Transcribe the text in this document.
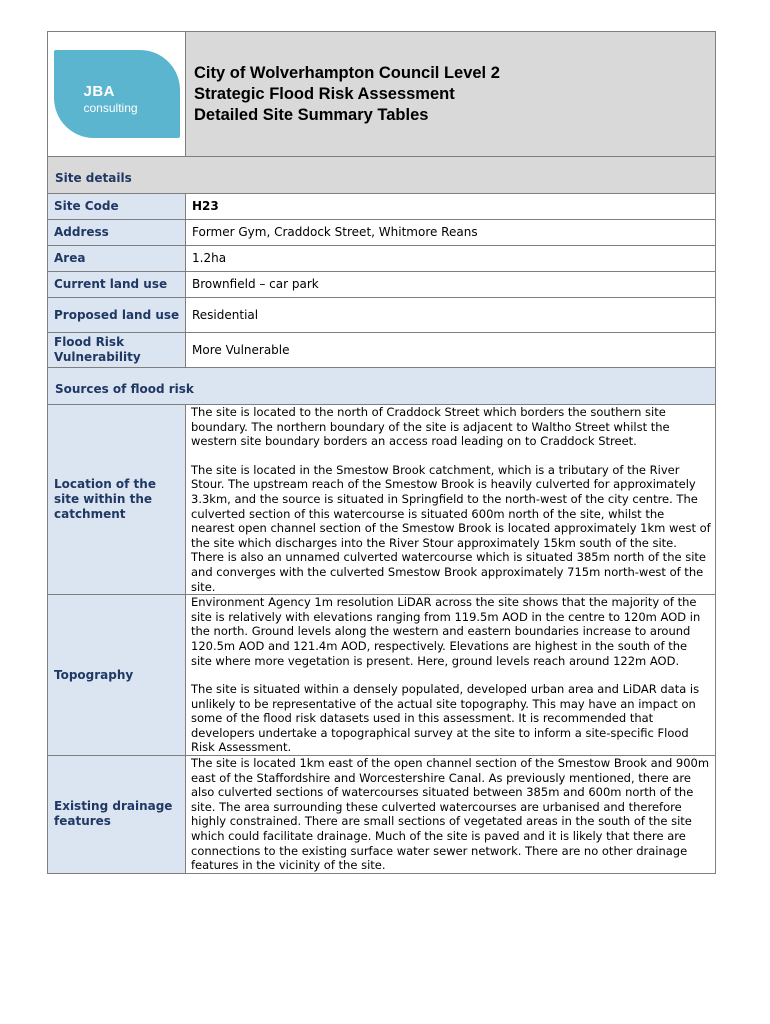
JBA
consulting	City of Wolverhampton Council Level 2
Strategic Flood Risk Assessment
Detailed Site Summary Tables

Site details	

Site Code	H23

Address	Former Gym, Craddock Street, Whitmore Reans

Area	1.2ha

Current land use	Brownfield – car park

Proposed land use	Residential

Flood Risk Vulnerability	More Vulnerable

Sources of flood risk	

Location of the site within the catchment	The site is located to the north of Craddock Street which borders the southern site boundary. The northern boundary of the site is adjacent to Waltho Street whilst the western site boundary borders an access road leading on to Craddock Street.

The site is located in the Smestow Brook catchment, which is a tributary of the River Stour. The upstream reach of the Smestow Brook is heavily culverted for approximately 3.3km, and the source is situated in Springfield to the north-west of the city centre. The culverted section of this watercourse is situated 600m north of the site, whilst the nearest open channel section of the Smestow Brook is located approximately 1km west of the site which discharges into the River Stour approximately 15km south of the site. There is also an unnamed culverted watercourse which is situated 385m north of the site and converges with the culverted Smestow Brook approximately 715m north-west of the site.

Topography	Environment Agency 1m resolution LiDAR across the site shows that the majority of the site is relatively with elevations ranging from 119.5m AOD in the centre to 120m AOD in the north. Ground levels along the western and eastern boundaries increase to around 120.5m AOD and 121.4m AOD, respectively. Elevations are highest in the south of the site where more vegetation is present. Here, ground levels reach around 122m AOD.

The site is situated within a densely populated, developed urban area and LiDAR data is unlikely to be representative of the actual site topography. This may have an impact on some of the flood risk datasets used in this assessment. It is recommended that developers undertake a topographical survey at the site to inform a site-specific Flood Risk Assessment.

Existing drainage features	The site is located 1km east of the open channel section of the Smestow Brook and 900m east of the Staffordshire and Worcestershire Canal. As previously mentioned, there are also culverted sections of watercourses situated between 385m and 600m north of the site. The area surrounding these culverted watercourses are urbanised and therefore highly constrained. There are small sections of vegetated areas in the south of the site which could facilitate drainage. Much of the site is paved and it is likely that there are connections to the existing surface water sewer network. There are no other drainage features in the vicinity of the site.
